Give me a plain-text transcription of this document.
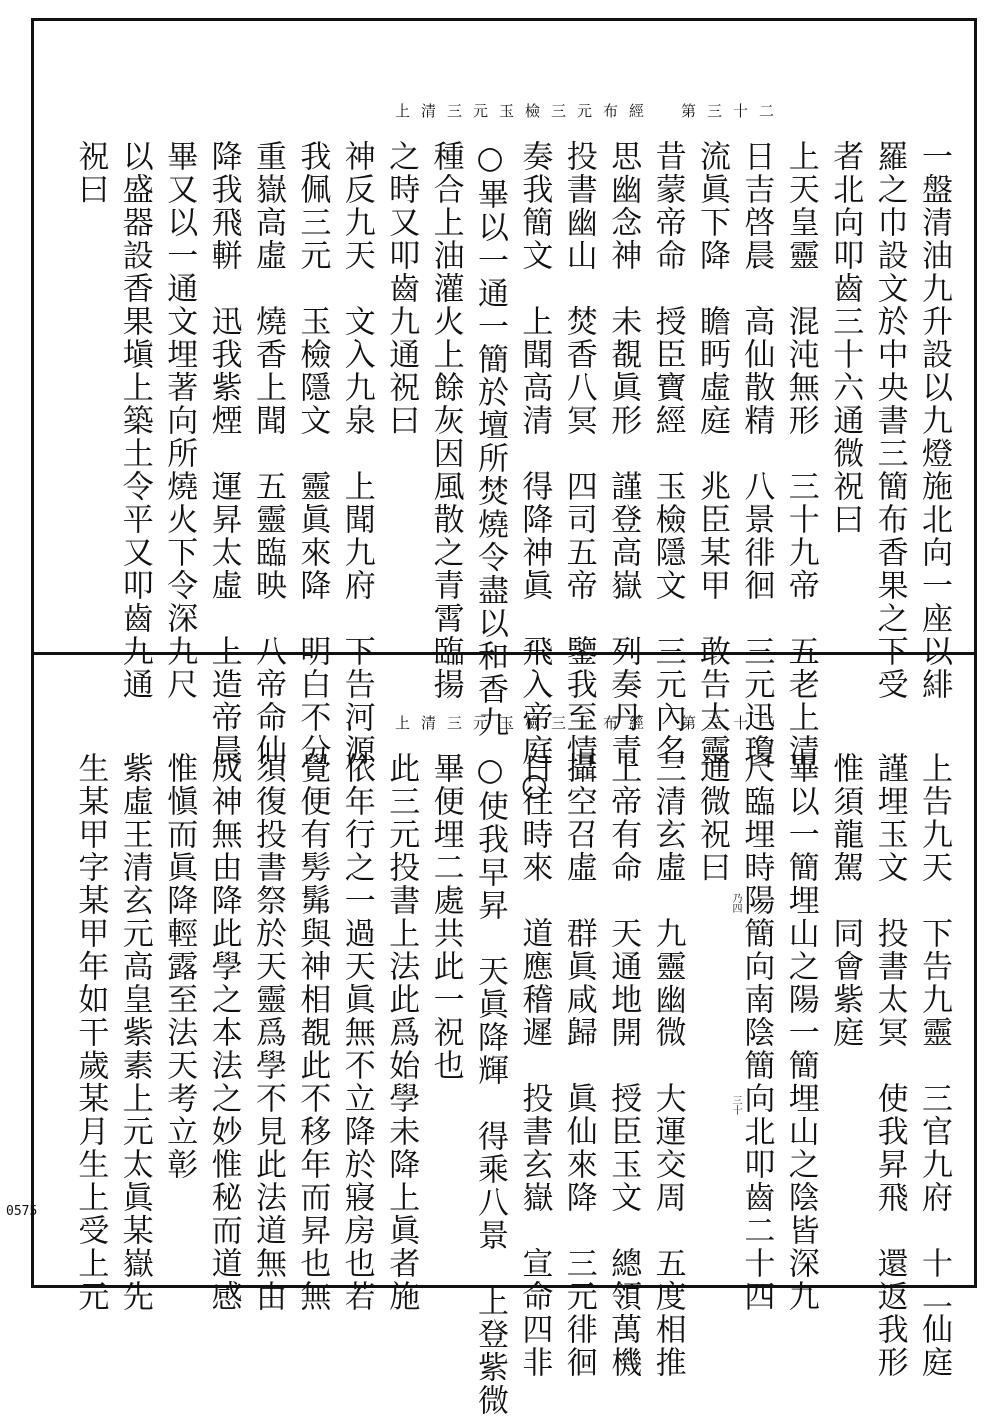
上清三元玉檢三元布經　第三十二
一盤清油九升設以九燈施北向一座以緋
羅之巾設文於中央書三簡布香果之下受
者北向叩齒三十六通微祝曰
上天皇靈　混沌無形　三十九帝　五老上清
日吉啓晨　高仙散精　八景徘徊　三元迅瓊
流眞下降　瞻眄虛庭　兆臣某甲　敢告太靈
昔蒙帝命　授臣寶經　玉檢隱文　三元內名
思幽念神　未覩眞形　謹登高嶽　列奏丹青
投書幽山　焚香八冥　四司五帝　鑒我至情
奏我簡文　上聞高清　得降神眞　飛入帝庭○
○畢以一通一簡於壇所焚燒令盡以和香九
種合上油灌火上餘灰因風散之青霄臨揚
之時又叩齒九通祝曰
神反九天　文入九泉　上聞九府　下告河源
我佩三元　玉檢隱文　靈眞來降　明白不分
重嶽高虛　燒香上聞　五靈臨映　八帝命仙
降我飛軿　迅我紫煙　運昇太虛　上造帝晨
畢又以一通文埋著向所燒火下令深九尺
以盛器設香果塡上築土令平又叩齒九通
祝曰
上清三元玉檢三元布經　第三十三
上告九天　下告九靈　三官九府　十二仙庭
謹埋玉文　投書太冥　使我昇飛　還返我形
惟須龍駕　同會紫庭
畢以一簡埋山之陽一簡埋山之陰皆深九
尺臨埋時陽簡向南陰簡向北叩齒二十四
通微祝曰
三清玄虛　九靈幽微　大運交周　五度相推
上帝有命　天通地開　授臣玉文　總領萬機
攝空召虛　群眞咸歸　眞仙來降　三元徘徊
日往時來　道應稽遲　投書玄嶽　宣命四非
○使我早昇　天眞降輝　得乘八景　上登紫微
畢便埋二處共此一祝也
此三元投書上法此爲始學未降上眞者施
依年行之一過天眞無不立降於寢房也若
覺便有髣髴與神相覩此不移年而昇也無
須復投書祭於天靈爲學不見此法道無由
成神無由降此學之本法之妙惟秘而道感
惟愼而眞降輕露至法天考立彰
紫虛王清玄元高皇紫素上元太眞某嶽先
生某甲字某甲年如干歲某月生上受上元	乃四
三十
0575
